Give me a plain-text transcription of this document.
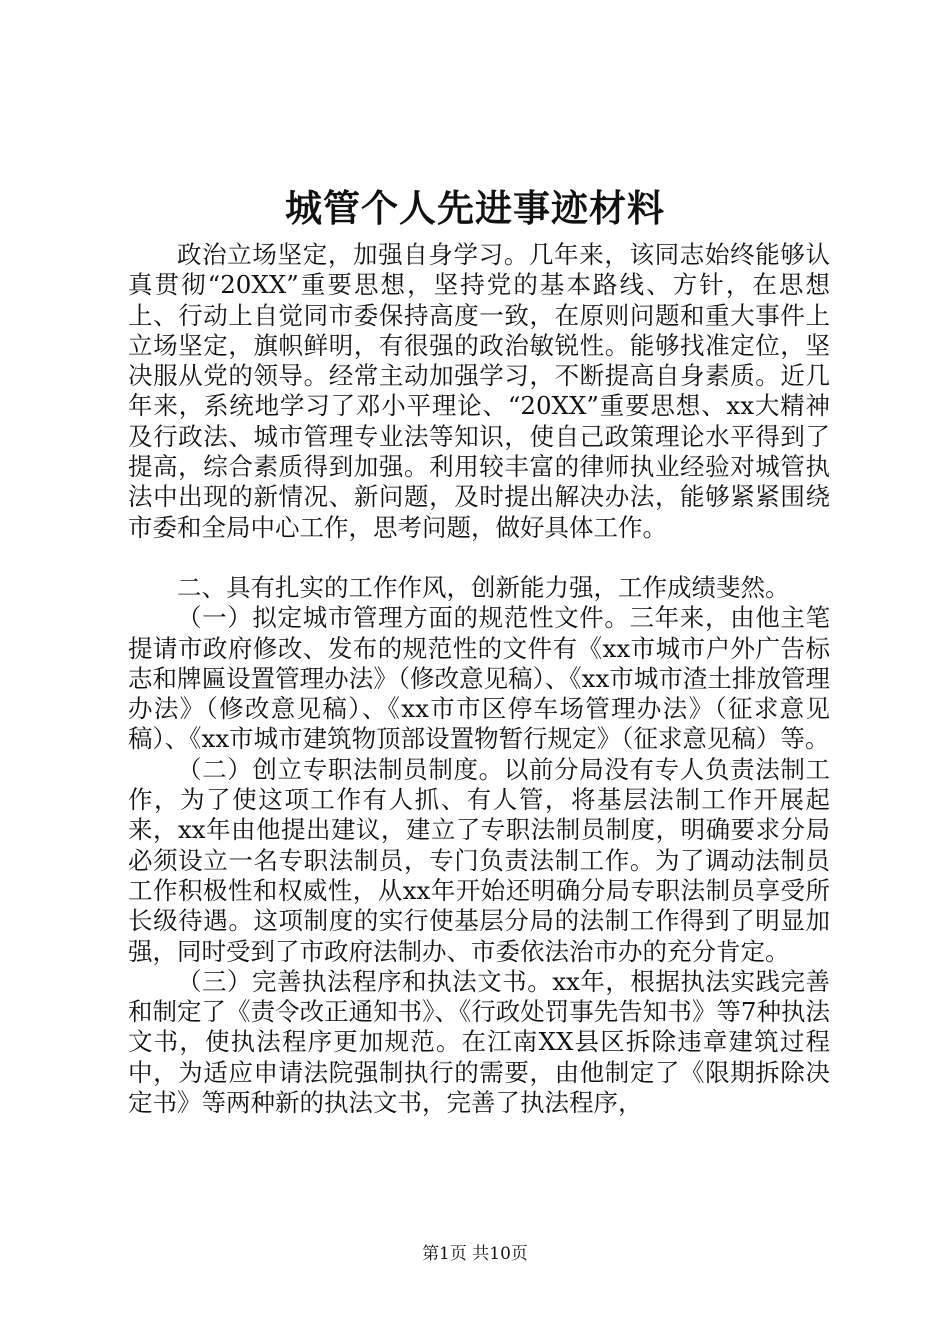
城管个人先进事迹材料

政治立场坚定，加强自身学习。几年来，该同志始终能够认真贯彻“20XX”重要思想，坚持党的基本路线、方针，在思想上、行动上自觉同市委保持高度一致，在原则问题和重大事件上立场坚定，旗帜鲜明，有很强的政治敏锐性。能够找准定位，坚决服从党的领导。经常主动加强学习，不断提高自身素质。近几年来，系统地学习了邓小平理论、“20XX”重要思想、xx大精神及行政法、城市管理专业法等知识，使自己政策理论水平得到了提高，综合素质得到加强。利用较丰富的律师执业经验对城管执法中出现的新情况、新问题，及时提出解决办法，能够紧紧围绕市委和全局中心工作，思考问题，做好具体工作。

二、具有扎实的工作作风，创新能力强，工作成绩斐然。

（一）拟定城市管理方面的规范性文件。三年来，由他主笔提请市政府修改、发布的规范性的文件有《xx市城市户外广告标志和牌匾设置管理办法》（修改意见稿）、《xx市城市渣土排放管理办法》（修改意见稿）、《xx市市区停车场管理办法》（征求意见稿）、《xx市城市建筑物顶部设置物暂行规定》（征求意见稿）等。

（二）创立专职法制员制度。以前分局没有专人负责法制工作，为了使这项工作有人抓、有人管，将基层法制工作开展起来，xx年由他提出建议，建立了专职法制员制度，明确要求分局必须设立一名专职法制员，专门负责法制工作。为了调动法制员工作积极性和权威性，从xx年开始还明确分局专职法制员享受所长级待遇。这项制度的实行使基层分局的法制工作得到了明显加强，同时受到了市政府法制办、市委依法治市办的充分肯定。

（三）完善执法程序和执法文书。xx年，根据执法实践完善和制定了《责令改正通知书》、《行政处罚事先告知书》等7种执法文书，使执法程序更加规范。在江南XX县区拆除违章建筑过程中，为适应申请法院强制执行的需要，由他制定了《限期拆除决定书》等两种新的执法文书，完善了执法程序，

第1页 共10页
